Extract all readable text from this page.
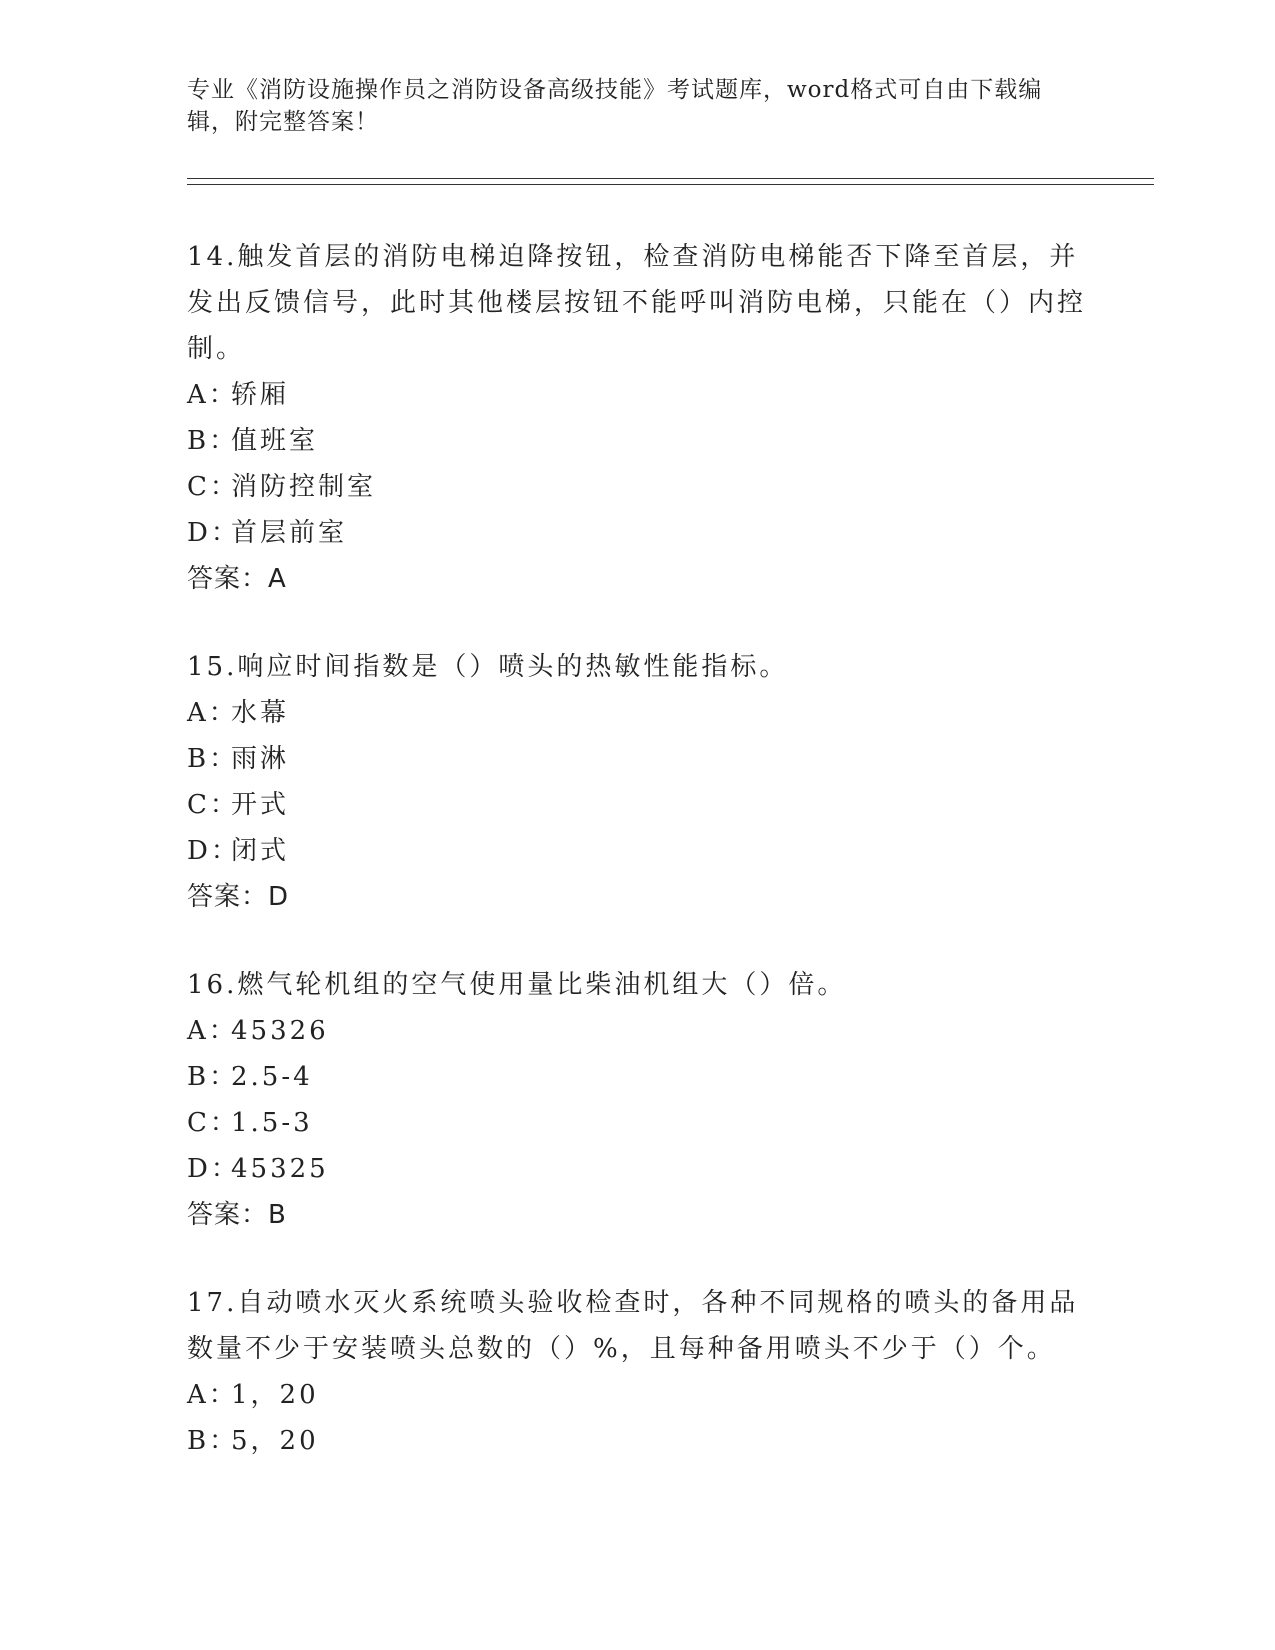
专业《消防设施操作员之消防设备高级技能》考试题库，word格式可自由下载编辑，附完整答案！
14.触发首层的消防电梯迫降按钮，检查消防电梯能否下降至首层，并发出反馈信号，此时其他楼层按钮不能呼叫消防电梯，只能在（）内控制。
A：轿厢
B：值班室
C：消防控制室
D：首层前室
答案：A
15.响应时间指数是（）喷头的热敏性能指标。
A：水幕
B：雨淋
C：开式
D：闭式
答案：D
16.燃气轮机组的空气使用量比柴油机组大（）倍。
A：45326
B：2.5-4
C：1.5-3
D：45325
答案：B
17.自动喷水灭火系统喷头验收检查时，各种不同规格的喷头的备用品数量不少于安装喷头总数的（）%，且每种备用喷头不少于（）个。
A：1，20
B：5，20
